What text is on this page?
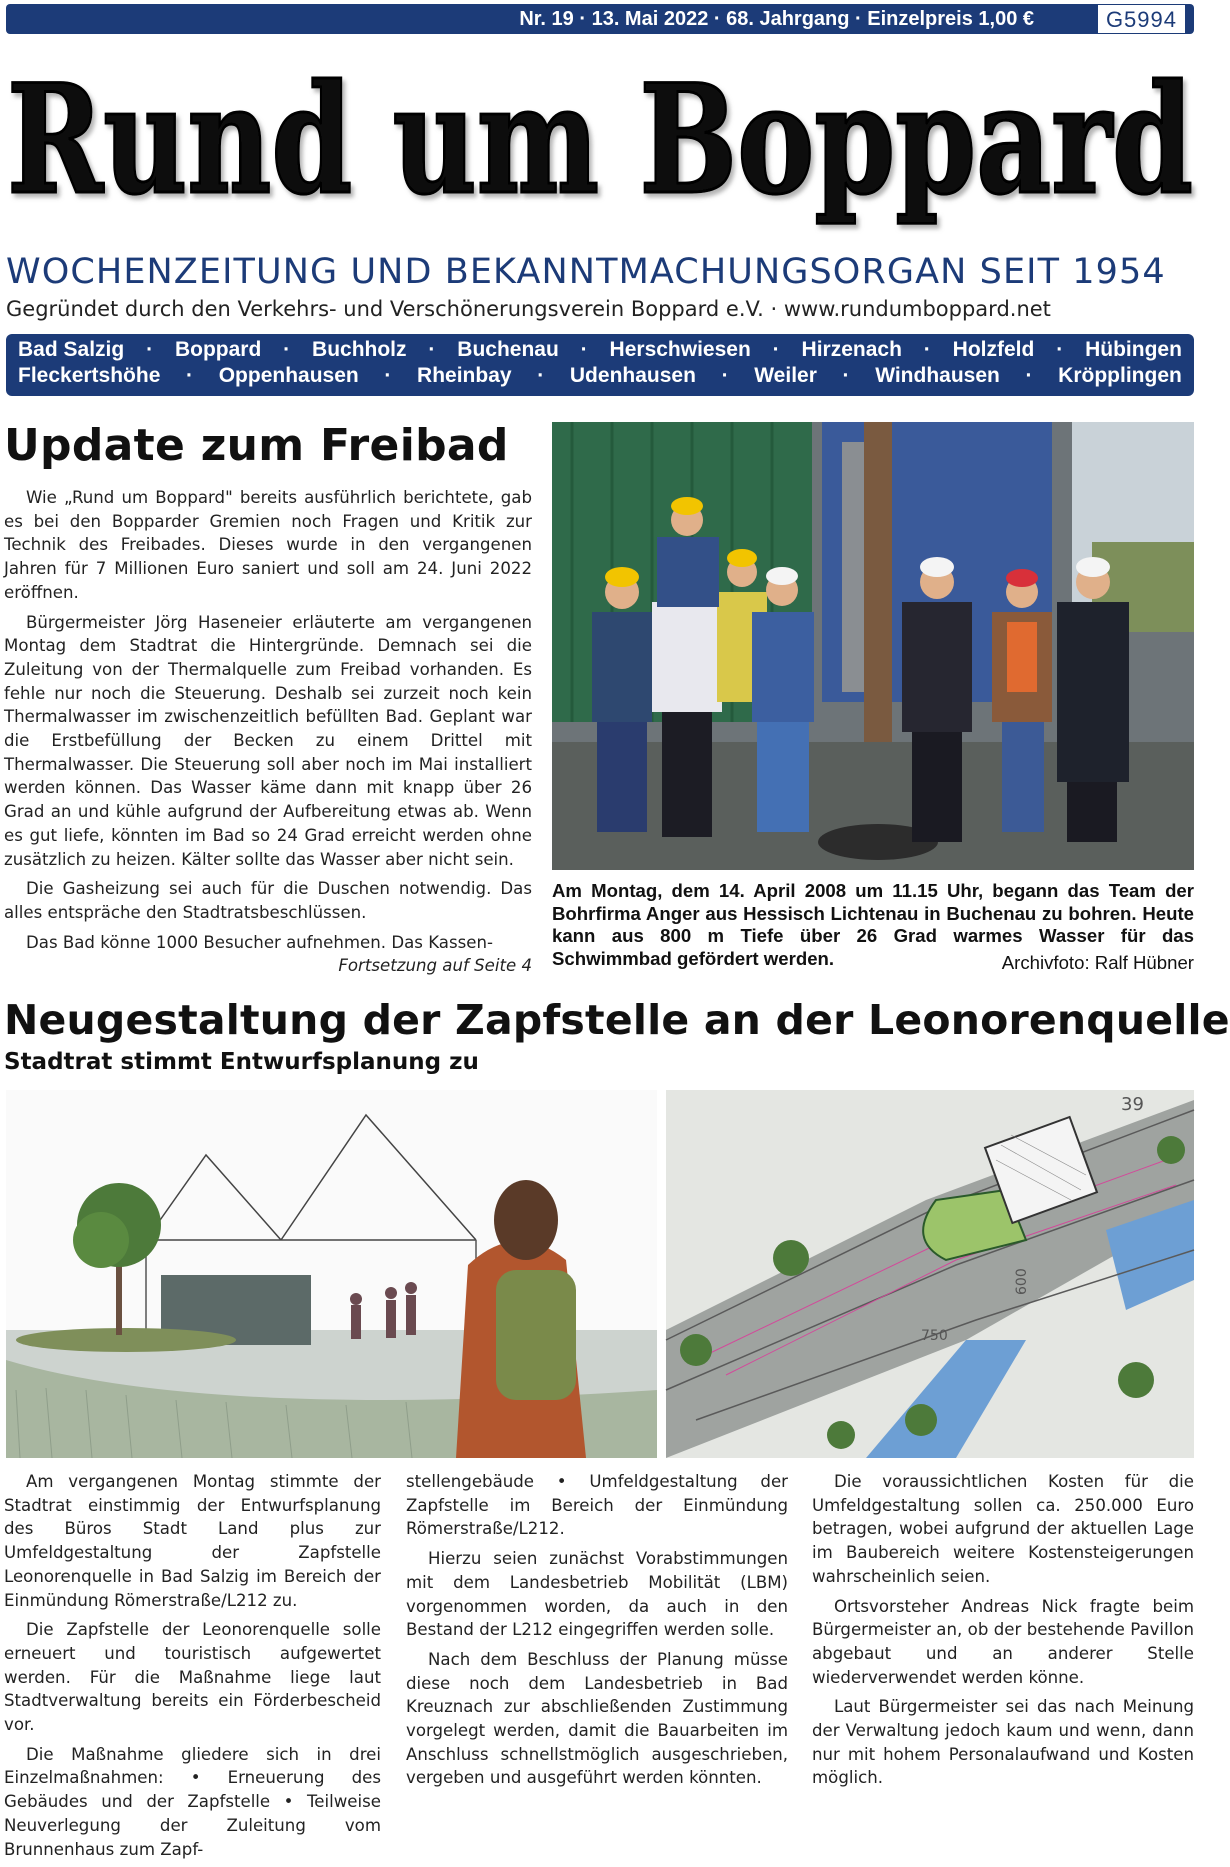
Nr. 19 · 13. Mai 2022 · 68. Jahrgang · Einzelpreis 1,00 €	G5994
Rund um Boppard
WOCHENZEITUNG UND BEKANNTMACHUNGSORGAN SEIT 1954
Gegründet durch den Verkehrs- und Verschönerungsverein Boppard e.V. · www.rundumboppard.net
Bad Salzig · Boppard · Buchholz · Buchenau · Herschwiesen · Hirzenach · Holzfeld · Hübingen
Fleckertshöhe · Oppenhausen · Rheinbay · Udenhausen · Weiler · Windhausen · Kröpplingen
Update zum Freibad

Wie „Rund um Boppard" bereits ausführlich berichtete, gab es bei den Bopparder Gremien noch Fragen und Kritik zur Technik des Freibades. Dieses wurde in den vergangenen Jahren für 7 Millionen Euro saniert und soll am 24. Juni 2022 eröffnen.

Bürgermeister Jörg Haseneier erläuterte am vergangenen Montag dem Stadtrat die Hintergründe. Demnach sei die Zuleitung von der Thermalquelle zum Freibad vorhanden. Es fehle nur noch die Steuerung. Deshalb sei zurzeit noch kein Thermalwasser im zwischenzeitlich befüllten Bad. Geplant war die Erstbefüllung der Becken zu einem Drittel mit Thermalwasser. Die Steuerung soll aber noch im Mai installiert werden können. Das Wasser käme dann mit knapp über 26 Grad an und kühle aufgrund der Aufbereitung etwas ab. Wenn es gut liefe, könnten im Bad so 24 Grad erreicht werden ohne zusätzlich zu heizen. Kälter sollte das Wasser aber nicht sein.

Die Gasheizung sei auch für die Duschen notwendig. Das alles entspräche den Stadtratsbeschlüssen.

Das Bad könne 1000 Besucher aufnehmen. Das Kassen-

Fortsetzung auf Seite 4
Am Montag, dem 14. April 2008 um 11.15 Uhr, begann das Team der Bohrfirma Anger aus Hessisch Lichtenau in Buchenau zu bohren. Heute kann aus 800 m Tiefe über 26 Grad warmes Wasser für das Schwimmbad gefördert werden.	Archivfoto: Ralf Hübner
Neugestaltung der Zapfstelle an der Leonorenquelle
Stadtrat stimmt Entwurfsplanung zu
39
600
750

Am vergangenen Montag stimmte der Stadtrat einstimmig der Entwurfsplanung des Büros Stadt Land plus zur Umfeldgestaltung der Zapfstelle Leonorenquelle in Bad Salzig im Bereich der Einmündung Römerstraße/L212 zu.

Die Zapfstelle der Leonorenquelle solle erneuert und touristisch aufgewertet werden. Für die Maßnahme liege laut Stadtverwaltung bereits ein Förderbescheid vor.

Die Maßnahme gliedere sich in drei Einzelmaßnahmen: • Erneuerung des Gebäudes und der Zapfstelle • Teilweise Neuverlegung der Zuleitung vom Brunnenhaus zum Zapf-

stellengebäude • Umfeldgestaltung der Zapfstelle im Bereich der Einmündung Römerstraße/L212.

Hierzu seien zunächst Vorabstimmungen mit dem Landesbetrieb Mobilität (LBM) vorgenommen worden, da auch in den Bestand der L212 eingegriffen werden solle.

Nach dem Beschluss der Planung müsse diese noch dem Landesbetrieb in Bad Kreuznach zur abschließenden Zustimmung vorgelegt werden, damit die Bauarbeiten im Anschluss schnellstmöglich ausgeschrieben, vergeben und ausgeführt werden könnten.

Die voraussichtlichen Kosten für die Umfeldgestaltung sollen ca. 250.000 Euro betragen, wobei aufgrund der aktuellen Lage im Baubereich weitere Kostensteigerungen wahrscheinlich seien.

Ortsvorsteher Andreas Nick fragte beim Bürgermeister an, ob der bestehende Pavillon abgebaut und an anderer Stelle wiederverwendet werden könne.

Laut Bürgermeister sei das nach Meinung der Verwaltung jedoch kaum und wenn, dann nur mit hohem Personalaufwand und Kosten möglich.
